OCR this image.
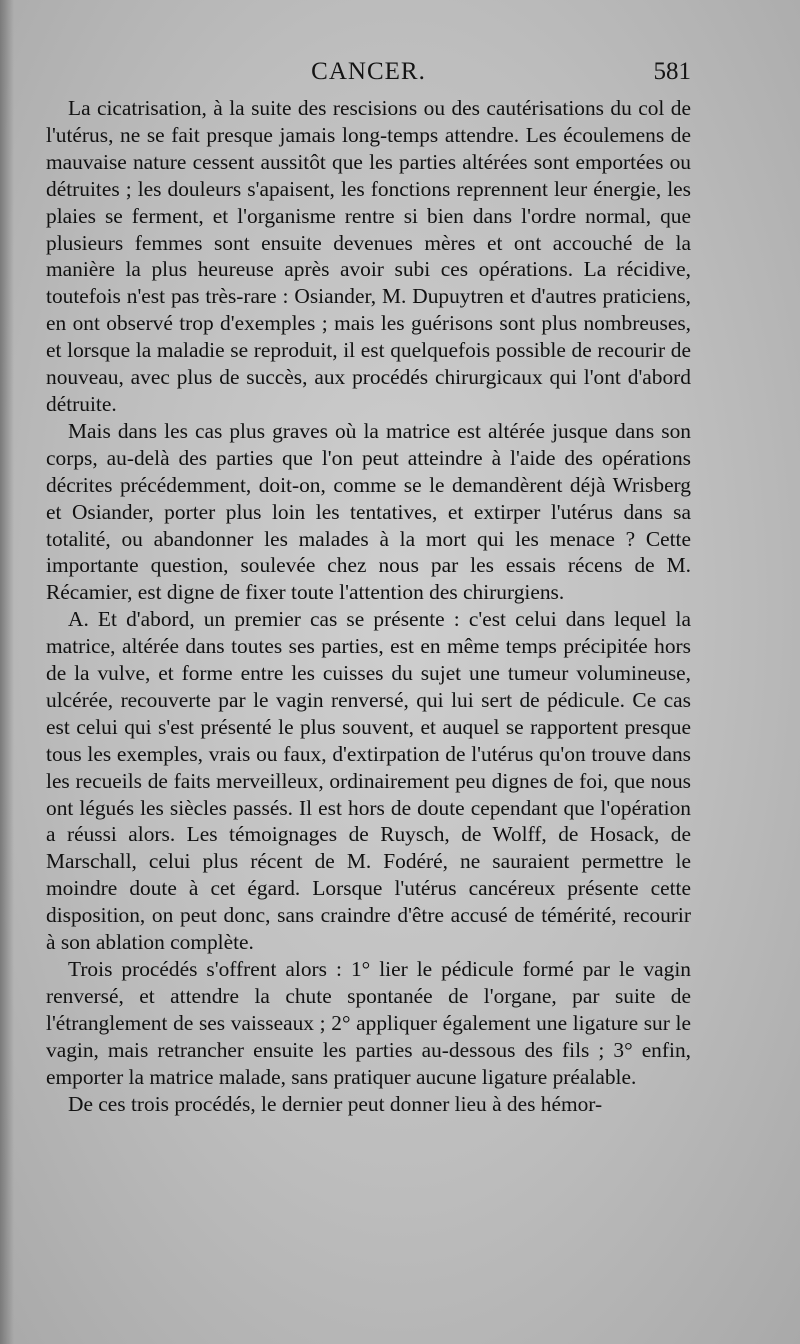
CANCER.	581

La cicatrisation, à la suite des rescisions ou des cautérisations du col de l'utérus, ne se fait presque jamais long-temps attendre. Les écoulemens de mauvaise nature cessent aussitôt que les parties altérées sont emportées ou détruites ; les douleurs s'apaisent, les fonctions reprennent leur énergie, les plaies se ferment, et l'organisme rentre si bien dans l'ordre normal, que plusieurs femmes sont ensuite devenues mères et ont accouché de la manière la plus heureuse après avoir subi ces opérations. La récidive, toutefois n'est pas très-rare : Osiander, M. Dupuytren et d'autres praticiens, en ont observé trop d'exemples ; mais les guérisons sont plus nombreuses, et lorsque la maladie se reproduit, il est quelquefois possible de recourir de nouveau, avec plus de succès, aux procédés chirurgicaux qui l'ont d'abord détruite.

Mais dans les cas plus graves où la matrice est altérée jusque dans son corps, au-delà des parties que l'on peut atteindre à l'aide des opérations décrites précédemment, doit-on, comme se le demandèrent déjà Wrisberg et Osiander, porter plus loin les tentatives, et extirper l'utérus dans sa totalité, ou abandonner les malades à la mort qui les menace ? Cette importante question, soulevée chez nous par les essais récens de M. Récamier, est digne de fixer toute l'attention des chirurgiens.

A. Et d'abord, un premier cas se présente : c'est celui dans lequel la matrice, altérée dans toutes ses parties, est en même temps précipitée hors de la vulve, et forme entre les cuisses du sujet une tumeur volumineuse, ulcérée, recouverte par le vagin renversé, qui lui sert de pédicule. Ce cas est celui qui s'est présenté le plus souvent, et auquel se rapportent presque tous les exemples, vrais ou faux, d'extirpation de l'utérus qu'on trouve dans les recueils de faits merveilleux, ordinairement peu dignes de foi, que nous ont légués les siècles passés. Il est hors de doute cependant que l'opération a réussi alors. Les témoignages de Ruysch, de Wolff, de Hosack, de Marschall, celui plus récent de M. Fodéré, ne sauraient permettre le moindre doute à cet égard. Lorsque l'utérus cancéreux présente cette disposition, on peut donc, sans craindre d'être accusé de témérité, recourir à son ablation complète.

Trois procédés s'offrent alors : 1° lier le pédicule formé par le vagin renversé, et attendre la chute spontanée de l'organe, par suite de l'étranglement de ses vaisseaux ; 2° appliquer également une ligature sur le vagin, mais retrancher ensuite les parties au-dessous des fils ; 3° enfin, emporter la matrice malade, sans pratiquer aucune ligature préalable.

De ces trois procédés, le dernier peut donner lieu à des hémor-
